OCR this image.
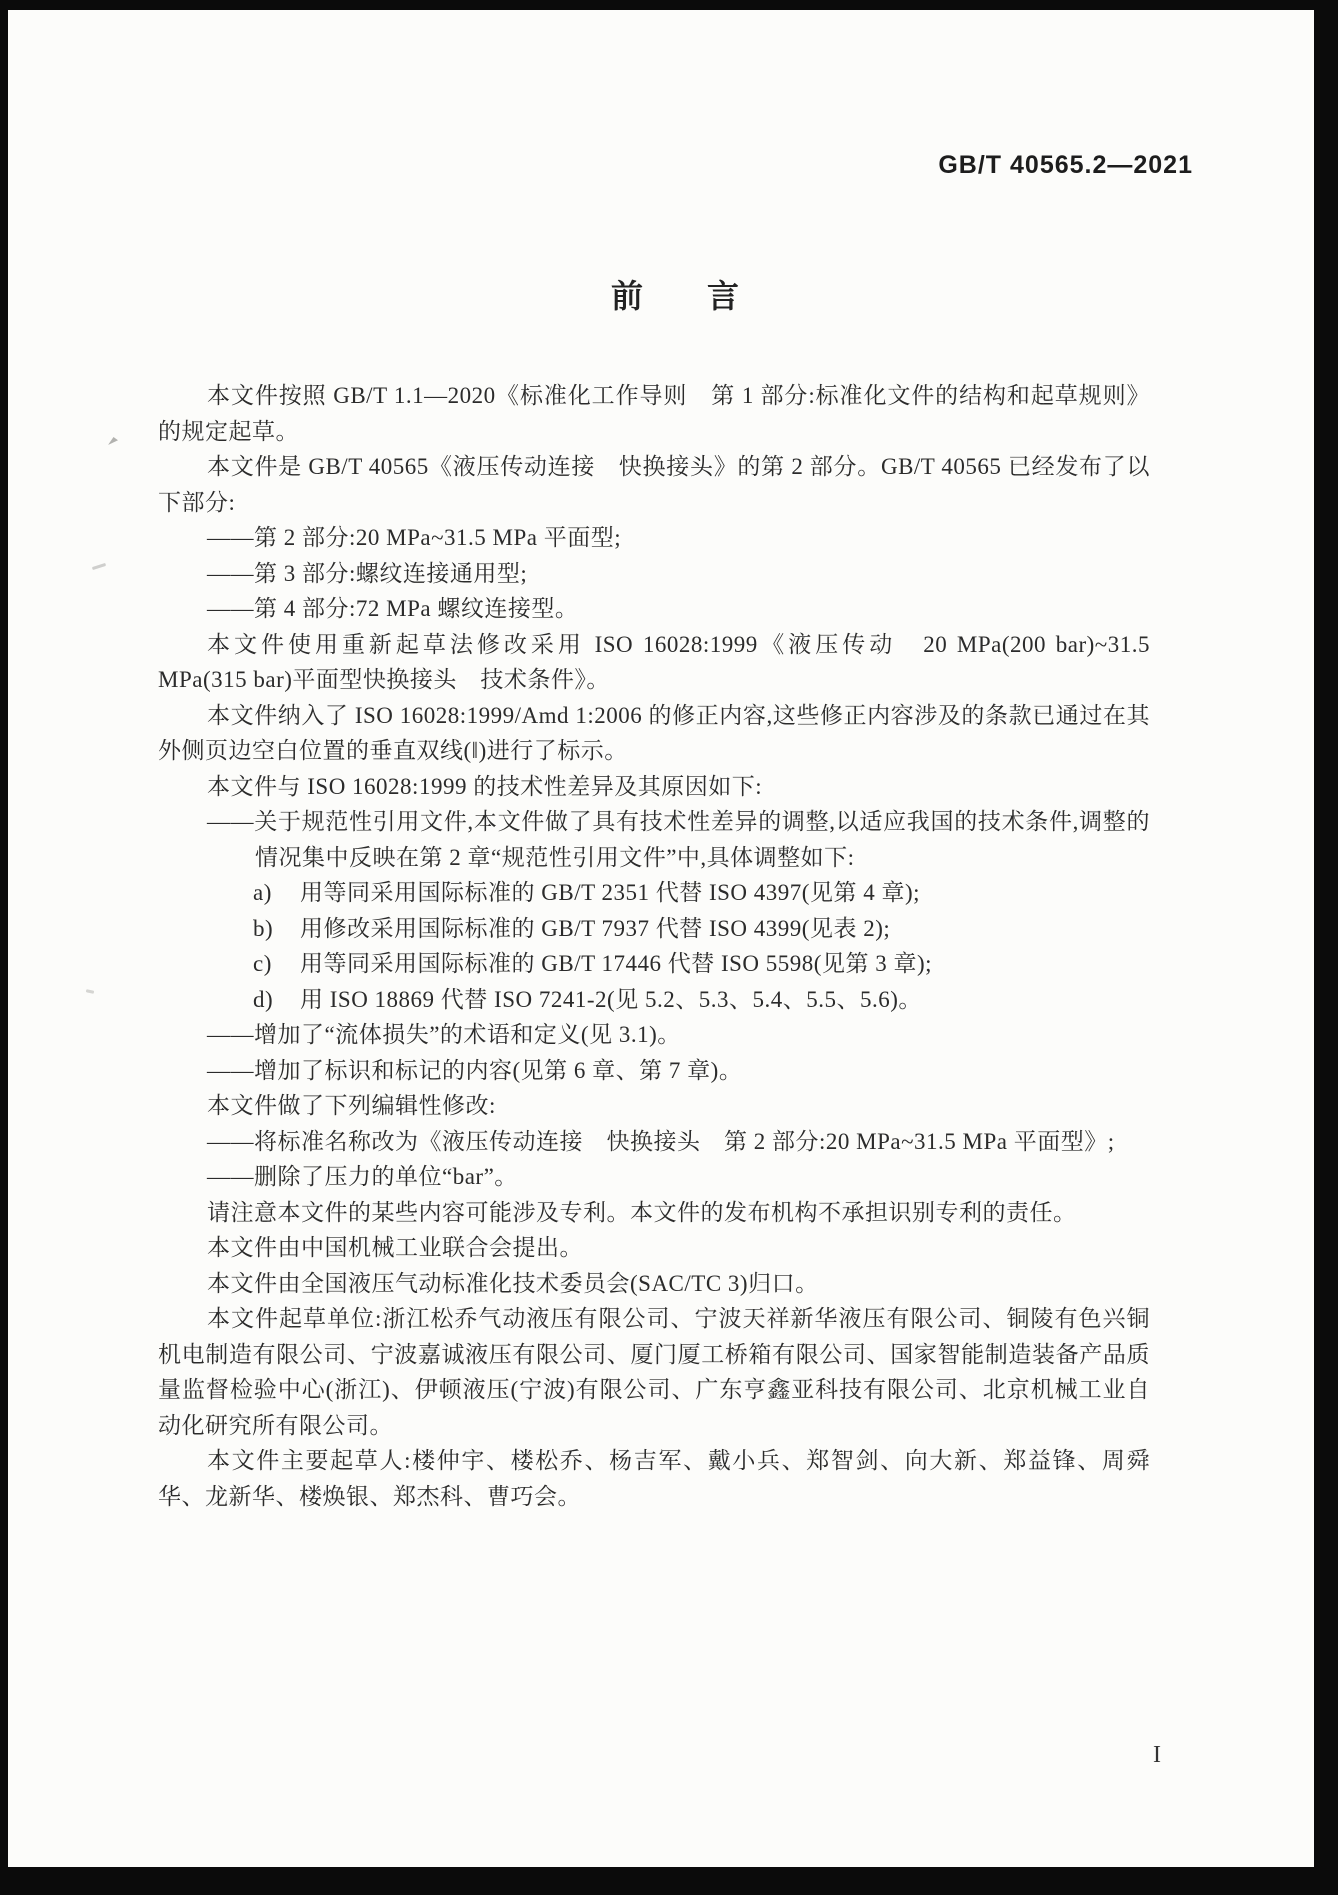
GB/T 40565.2—2021
前　　言
本文件按照 GB/T 1.1—2020《标准化工作导则　第 1 部分:标准化文件的结构和起草规则》的规定起草。
本文件是 GB/T 40565《液压传动连接　快换接头》的第 2 部分。GB/T 40565 已经发布了以下部分:
——第 2 部分:20 MPa~31.5 MPa 平面型;
——第 3 部分:螺纹连接通用型;
——第 4 部分:72 MPa 螺纹连接型。
本文件使用重新起草法修改采用 ISO 16028:1999《液压传动　20 MPa(200 bar)~31.5 MPa(315 bar)平面型快换接头　技术条件》。
本文件纳入了 ISO 16028:1999/Amd 1:2006 的修正内容,这些修正内容涉及的条款已通过在其外侧页边空白位置的垂直双线(‖)进行了标示。
本文件与 ISO 16028:1999 的技术性差异及其原因如下:
——关于规范性引用文件,本文件做了具有技术性差异的调整,以适应我国的技术条件,调整的情况集中反映在第 2 章“规范性引用文件”中,具体调整如下:
a) 用等同采用国际标准的 GB/T 2351 代替 ISO 4397(见第 4 章);
b) 用修改采用国际标准的 GB/T 7937 代替 ISO 4399(见表 2);
c) 用等同采用国际标准的 GB/T 17446 代替 ISO 5598(见第 3 章);
d) 用 ISO 18869 代替 ISO 7241-2(见 5.2、5.3、5.4、5.5、5.6)。
——增加了“流体损失”的术语和定义(见 3.1)。
——增加了标识和标记的内容(见第 6 章、第 7 章)。
本文件做了下列编辑性修改:
——将标准名称改为《液压传动连接　快换接头　第 2 部分:20 MPa~31.5 MPa 平面型》;
——删除了压力的单位“bar”。
请注意本文件的某些内容可能涉及专利。本文件的发布机构不承担识别专利的责任。
本文件由中国机械工业联合会提出。
本文件由全国液压气动标准化技术委员会(SAC/TC 3)归口。
本文件起草单位:浙江松乔气动液压有限公司、宁波天祥新华液压有限公司、铜陵有色兴铜机电制造有限公司、宁波嘉诚液压有限公司、厦门厦工桥箱有限公司、国家智能制造装备产品质量监督检验中心(浙江)、伊顿液压(宁波)有限公司、广东亨鑫亚科技有限公司、北京机械工业自动化研究所有限公司。
本文件主要起草人:楼仲宇、楼松乔、杨吉军、戴小兵、郑智剑、向大新、郑益锋、周舜华、龙新华、楼焕银、郑杰科、曹巧会。
I
